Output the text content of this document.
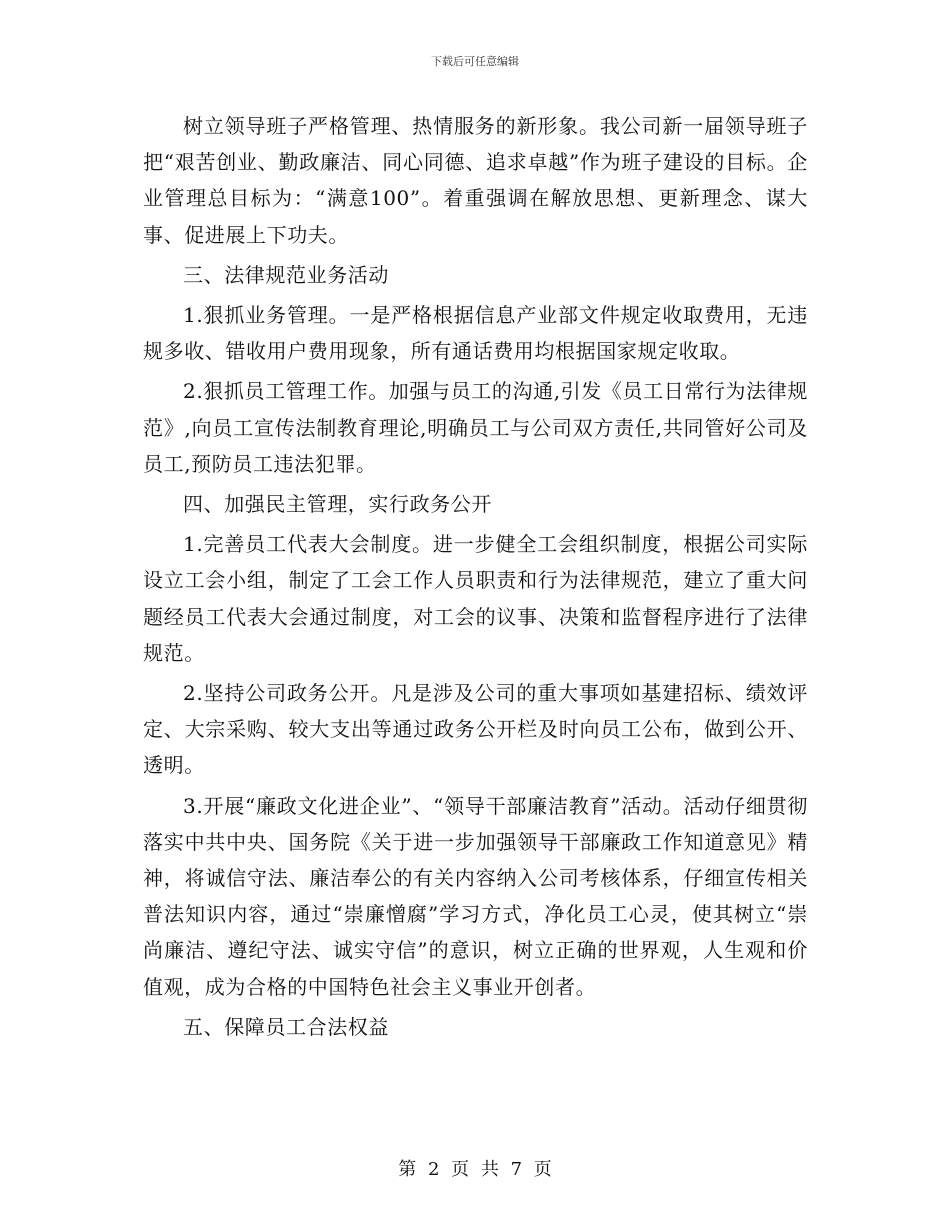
下载后可任意编辑

树立领导班子严格管理、热情服务的新形象。我公司新一届领导班子把“艰苦创业、勤政廉洁、同心同德、追求卓越”作为班子建设的目标。企业管理总目标为：“满意100”。着重强调在解放思想、更新理念、谋大事、促进展上下功夫。

三、法律规范业务活动

1.狠抓业务管理。一是严格根据信息产业部文件规定收取费用，无违规多收、错收用户费用现象，所有通话费用均根据国家规定收取。

2.狠抓员工管理工作。加强与员工的沟通,引发《员工日常行为法律规范》,向员工宣传法制教育理论,明确员工与公司双方责任,共同管好公司及员工,预防员工违法犯罪。

四、加强民主管理，实行政务公开

1.完善员工代表大会制度。进一步健全工会组织制度，根据公司实际设立工会小组，制定了工会工作人员职责和行为法律规范，建立了重大问题经员工代表大会通过制度，对工会的议事、决策和监督程序进行了法律规范。

2.坚持公司政务公开。凡是涉及公司的重大事项如基建招标、绩效评定、大宗采购、较大支出等通过政务公开栏及时向员工公布，做到公开、透明。

3.开展“廉政文化进企业”、“领导干部廉洁教育”活动。活动仔细贯彻落实中共中央、国务院《关于进一步加强领导干部廉政工作知道意见》精神，将诚信守法、廉洁奉公的有关内容纳入公司考核体系，仔细宣传相关普法知识内容，通过“崇廉憎腐”学习方式，净化员工心灵，使其树立“崇尚廉洁、遵纪守法、诚实守信”的意识，树立正确的世界观，人生观和价值观，成为合格的中国特色社会主义事业开创者。

五、保障员工合法权益

第 2 页 共 7 页
